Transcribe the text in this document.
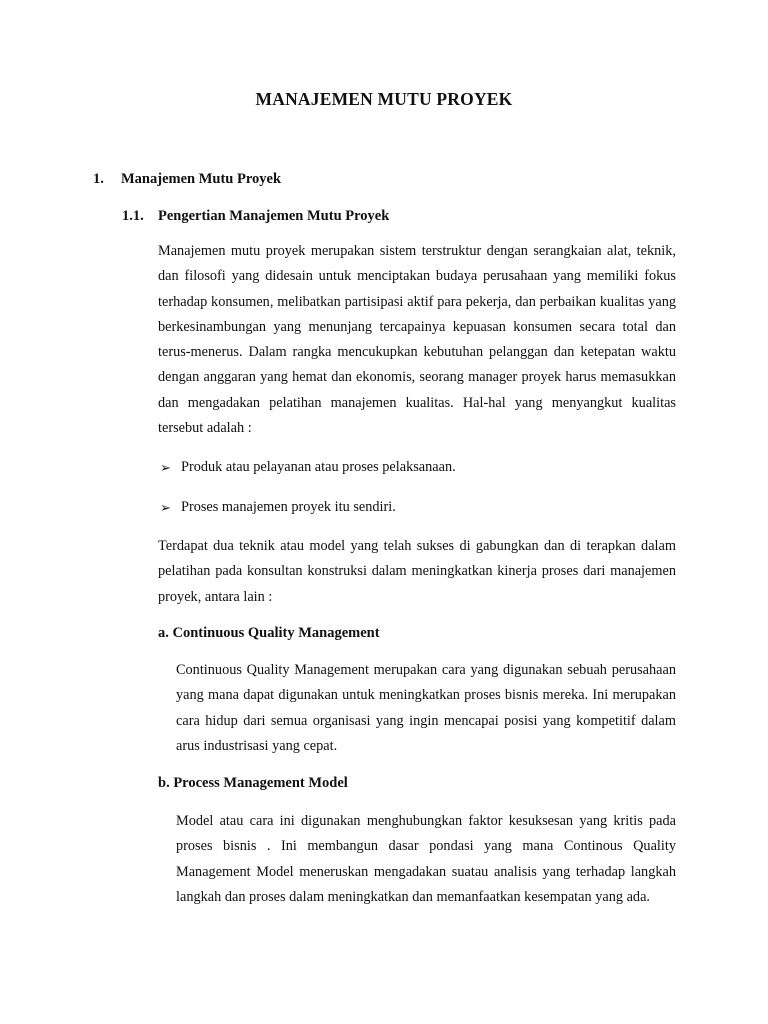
MANAJEMEN MUTU PROYEK
1. Manajemen Mutu Proyek
1.1. Pengertian Manajemen Mutu Proyek

Manajemen mutu proyek merupakan sistem terstruktur dengan serangkaian alat, teknik, dan filosofi yang didesain untuk menciptakan budaya perusahaan yang memiliki fokus terhadap konsumen, melibatkan partisipasi aktif para pekerja, dan perbaikan kualitas yang berkesinambungan yang menunjang tercapainya kepuasan konsumen secara total dan terus-menerus. Dalam rangka mencukupkan kebutuhan pelanggan dan ketepatan waktu dengan anggaran yang hemat dan ekonomis, seorang manager proyek harus memasukkan dan mengadakan pelatihan manajemen kualitas. Hal-hal yang menyangkut kualitas tersebut adalah :

➢ Produk atau pelayanan atau proses pelaksanaan.
➢ Proses manajemen proyek itu sendiri.

Terdapat dua teknik atau model yang telah sukses di gabungkan dan di terapkan dalam pelatihan pada konsultan konstruksi dalam meningkatkan kinerja proses dari manajemen proyek, antara lain :

a. Continuous Quality Management

Continuous Quality Management merupakan cara yang digunakan sebuah perusahaan yang mana dapat digunakan untuk meningkatkan proses bisnis mereka. Ini merupakan cara hidup dari semua organisasi yang ingin mencapai posisi yang kompetitif dalam arus industrisasi yang cepat.

b. Process Management Model

Model atau cara ini digunakan menghubungkan faktor kesuksesan yang kritis pada proses bisnis . Ini membangun dasar pondasi yang mana Continous Quality Management Model meneruskan mengadakan suatau analisis yang terhadap langkah langkah dan proses dalam meningkatkan dan memanfaatkan kesempatan yang ada.
